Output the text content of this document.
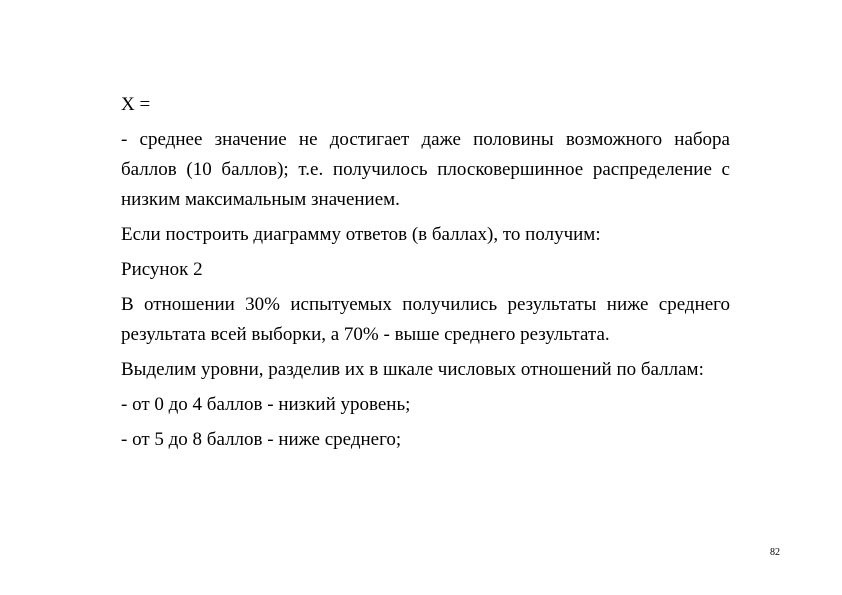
X =

- среднее значение не достигает даже половины возможного набора баллов (10 баллов); т.е. получилось плосковершинное распределение с низким максимальным значением.

Если построить диаграмму ответов (в баллах), то получим:

Рисунок 2

В отношении 30% испытуемых получились результаты ниже среднего результата всей выборки, а 70% - выше среднего результата.

Выделим уровни, разделив их в шкале числовых отношений по баллам:

- от 0 до 4 баллов - низкий уровень;

- от 5 до 8 баллов - ниже среднего;

82
